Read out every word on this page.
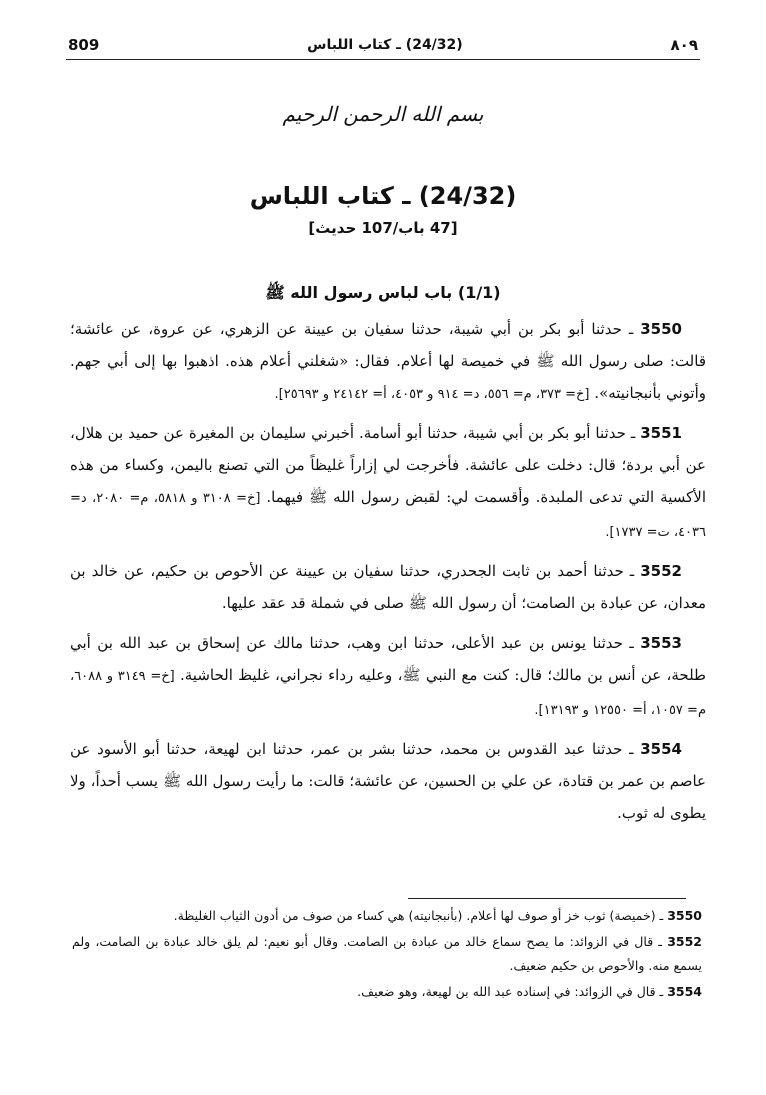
809	(24/32) ـ كتاب اللباس	٨٠٩
بسم الله الرحمن الرحيم
(24/32) ـ كتاب اللباس
[47 باب/107 حديث]
(1/1) باب لباس رسول الله ﷺ

3550 ـ حدثنا أبو بكر بن أبي شيبة، حدثنا سفيان بن عيينة عن الزهري، عن عروة، عن عائشة؛ قالت: صلى رسول الله ﷺ في خميصة لها أعلام. فقال: «شغلني أعلام هذه. اذهبوا بها إلى أبي جهم. وأتوني بأنبجانيته». [خ= ٣٧٣، م= ٥٥٦، د= ٩١٤ و ٤٠٥٣، أ= ٢٤١٤٢ و ٢٥٦٩٣].

3551 ـ حدثنا أبو بكر بن أبي شيبة، حدثنا أبو أسامة. أخبرني سليمان بن المغيرة عن حميد بن هلال، عن أبي بردة؛ قال: دخلت على عائشة. فأخرجت لي إزاراً غليظاً من التي تصنع باليمن، وكساء من هذه الأكسية التي تدعى الملبدة. وأقسمت لي: لقبض رسول الله ﷺ فيهما. [خ= ٣١٠٨ و ٥٨١٨، م= ٢٠٨٠، د= ٤٠٣٦، ت= ١٧٣٧].

3552 ـ حدثنا أحمد بن ثابت الجحدري، حدثنا سفيان بن عيينة عن الأحوص بن حكيم، عن خالد بن معدان، عن عبادة بن الصامت؛ أن رسول الله ﷺ صلى في شملة قد عقد عليها.

3553 ـ حدثنا يونس بن عبد الأعلى، حدثنا ابن وهب، حدثنا مالك عن إسحاق بن عبد الله بن أبي طلحة، عن أنس بن مالك؛ قال: كنت مع النبي ﷺ، وعليه رداء نجراني، غليظ الحاشية. [خ= ٣١٤٩ و ٦٠٨٨، م= ١٠٥٧، أ= ١٢٥٥٠ و ١٣١٩٣].

3554 ـ حدثنا عبد القدوس بن محمد، حدثنا بشر بن عمر، حدثنا ابن لهيعة، حدثنا أبو الأسود عن عاصم بن عمر بن قتادة، عن علي بن الحسين، عن عائشة؛ قالت: ما رأيت رسول الله ﷺ يسب أحداً، ولا يطوى له ثوب.

3550 ـ (خميصة) ثوب خز أو صوف لها أعلام. (بأنبجانيته) هي كساء من صوف من أدون الثياب الغليظة.

3552 ـ قال في الزوائد: ما يصح سماع خالد من عبادة بن الصامت. وقال أبو نعيم: لم يلق خالد عبادة بن الصامت، ولم يسمع منه. والأحوص بن حكيم ضعيف.

3554 ـ قال في الزوائد: في إسناده عبد الله بن لهيعة، وهو ضعيف.
